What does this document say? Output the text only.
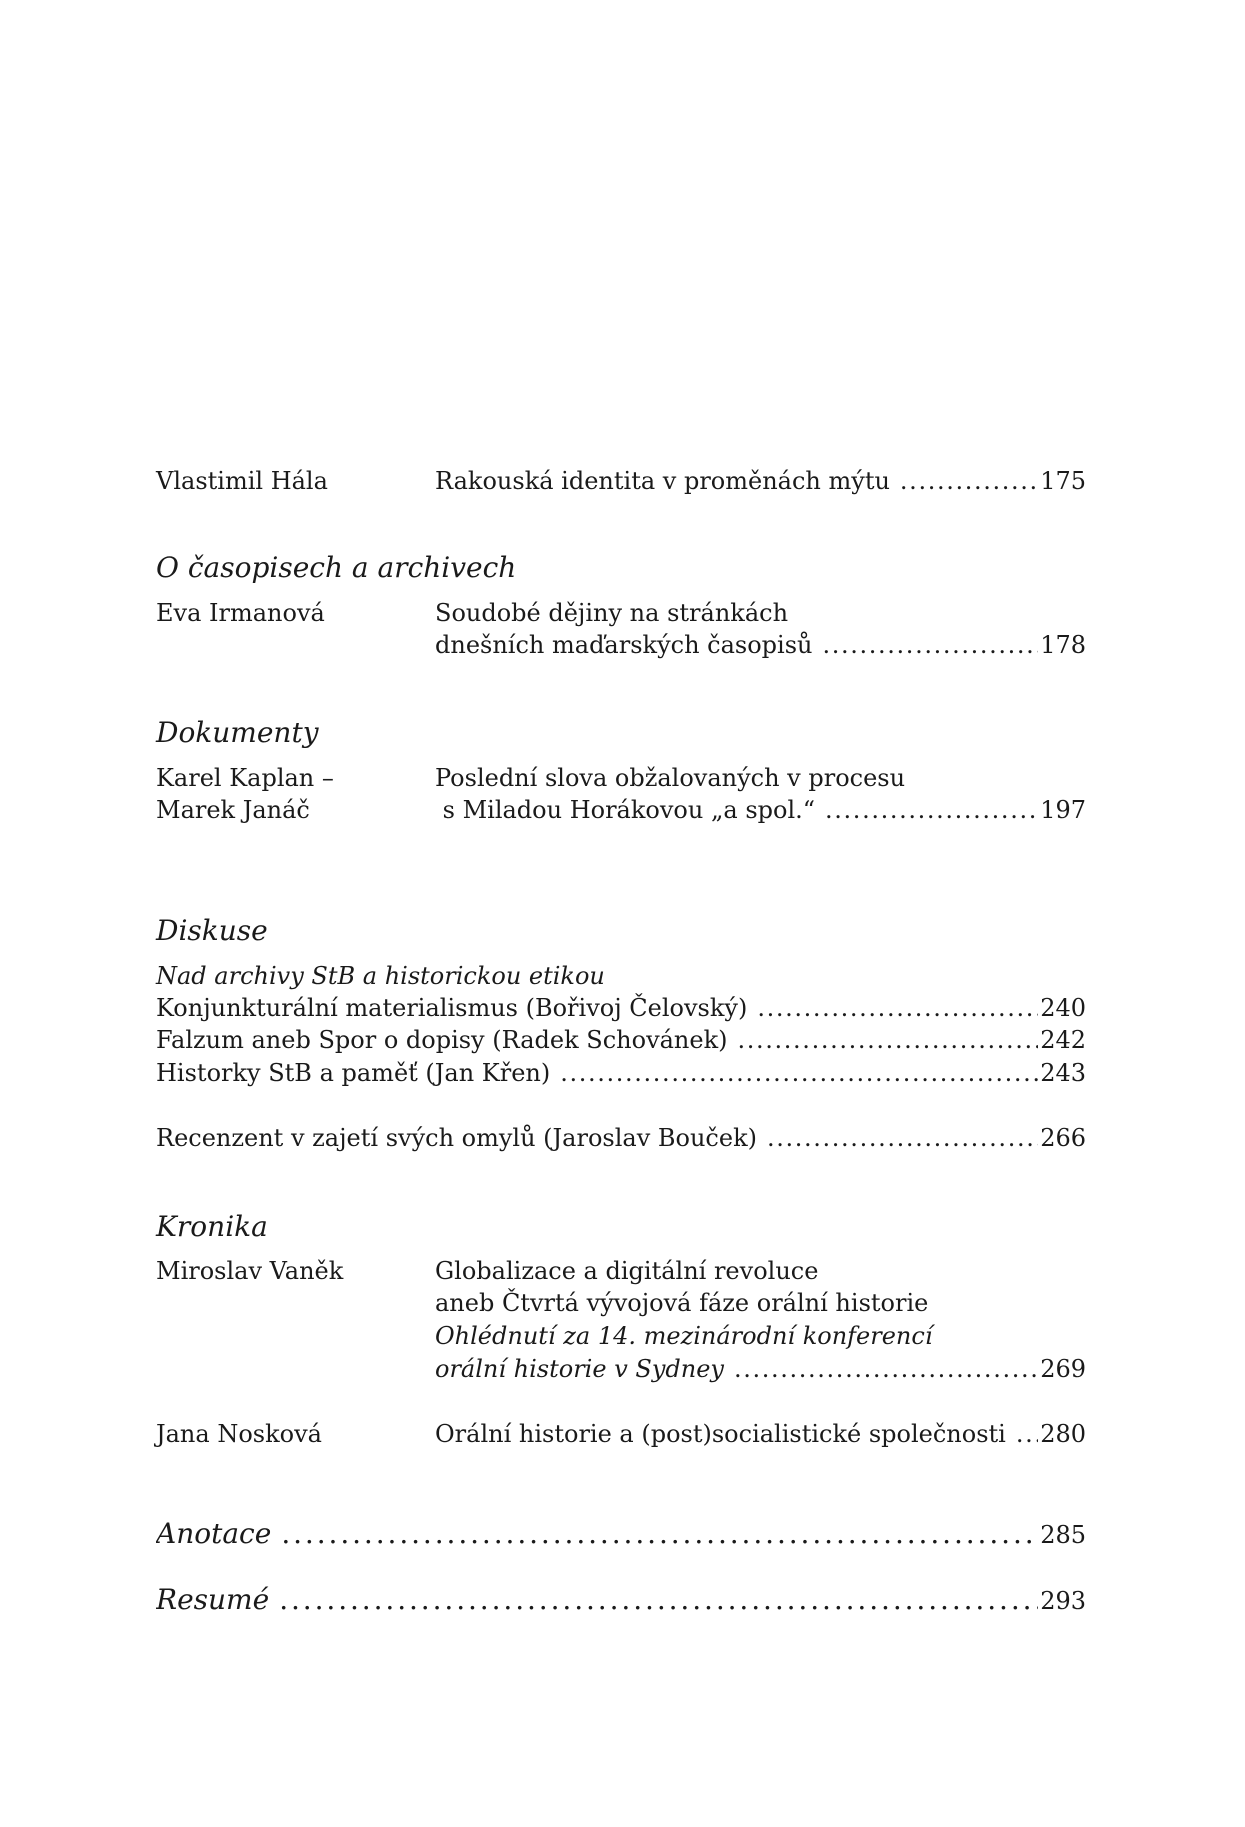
Vlastimil Hála	Rakouská identita v proměnách mýtu . . .	175
O časopisech a archivech
Eva Irmanová	Soudobé dějiny na stránkách
dnešních maďarských časopisů . . .	178
Dokumenty
Karel Kaplan –	Poslední slova obžalovaných v procesu
Marek Janáč	s Miladou Horákovou „a spol.“ . . .	197
Diskuse
Nad archivy StB a historickou etikou
Konjunkturální materialismus (Bořivoj Čelovský) . . .	240
Falzum aneb Spor o dopisy (Radek Schovánek) . . .	242
Historky StB a paměť (Jan Křen) . . .	243
Recenzent v zajetí svých omylů (Jaroslav Bouček) . . .	266
Kronika
Miroslav Vaněk	Globalizace a digitální revoluce
aneb Čtvrtá vývojová fáze orální historie
Ohlédnutí za 14. mezinárodní konferencí
orální historie v Sydney . . .	269
Jana Nosková	Orální historie a (post)socialistické společnosti . . . 280
Anotace . . .	285
Resumé . . .	293
